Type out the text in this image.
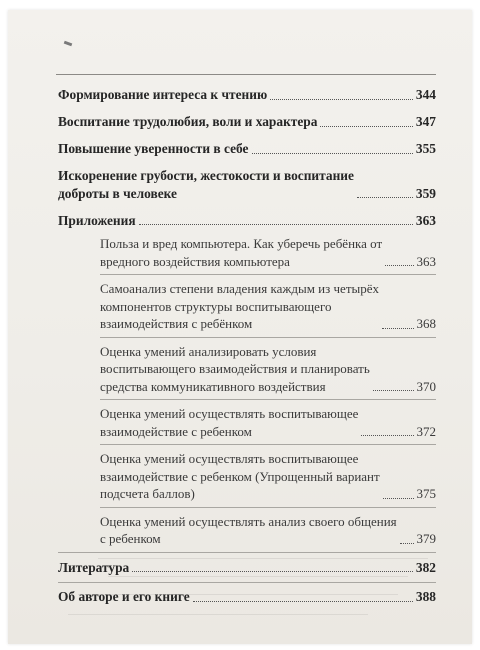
Формирование интереса к чтению	344
Воспитание трудолюбия, воли и характера	347
Повышение уверенности в себе	355
Искоренение грубости, жестокости и воспитание
доброты в человеке	359
Приложения	363
Польза и вред компьютера. Как уберечь ребёнка от
вредного воздействия компьютера	363
Самоанализ степени владения каждым из четырёх
компонентов структуры воспитывающего
взаимодействия с ребёнком	368
Оценка умений анализировать условия
воспитывающего взаимодействия и планировать
средства коммуникативного воздействия	370
Оценка умений осуществлять воспитывающее
взаимодействие с ребенком	372
Оценка умений осуществлять воспитывающее
взаимодействие с ребенком (Упрощенный вариант
подсчета баллов)	375
Оценка умений осуществлять анализ своего общения
с ребенком	379
Литература	382
Об авторе и его книге	388
